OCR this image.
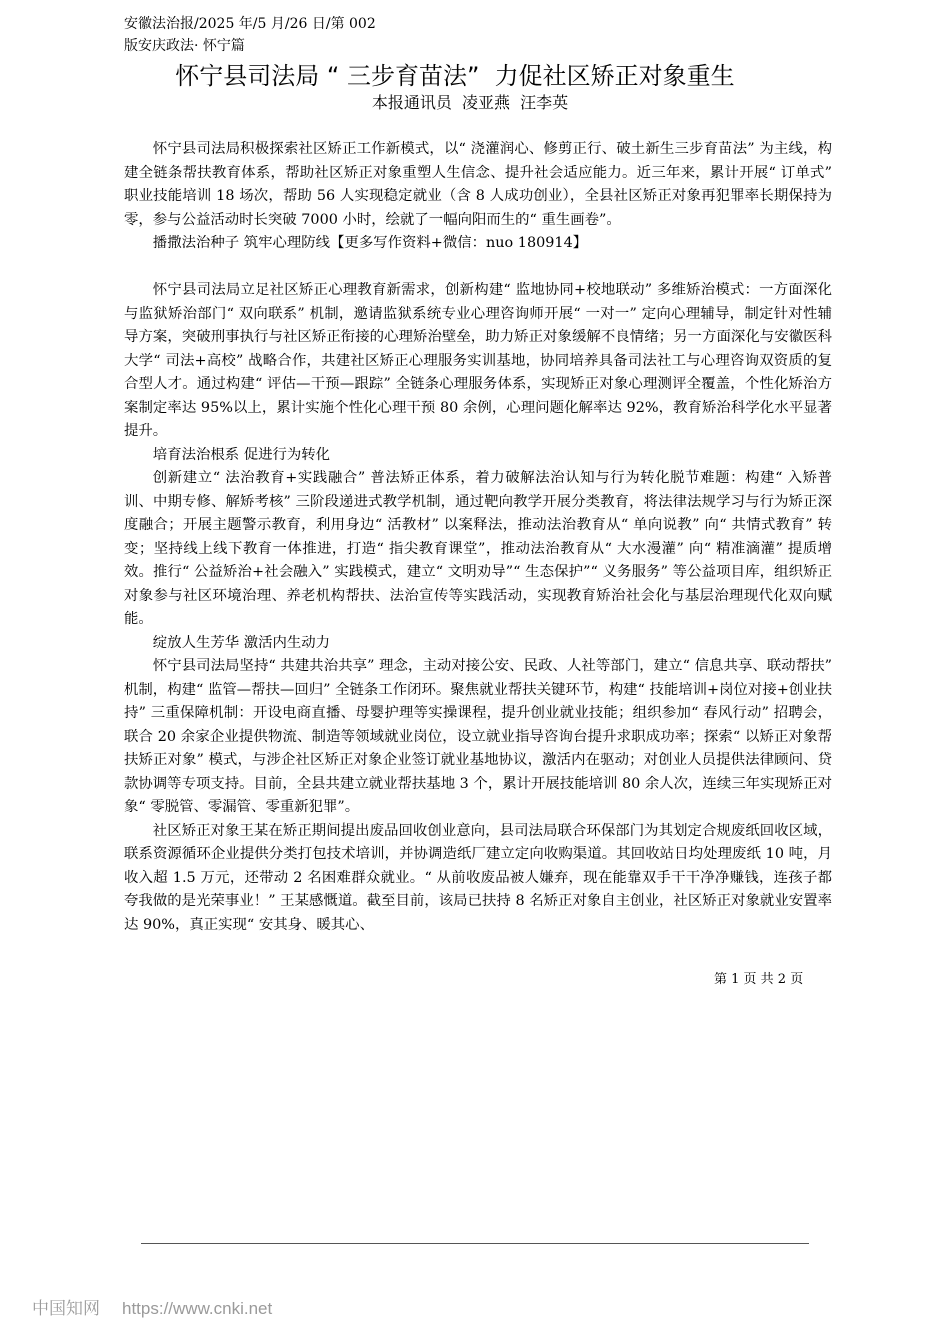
安徽法治报/2025 年/5 月/26 日/第 002
版安庆政法· 怀宁篇
怀宁县司法局 “ 三步育苗法”  力促社区矫正对象重生
本报通讯员  凌亚燕  汪李英

怀宁县司法局积极探索社区矫正工作新模式，以“ 浇灌润心、修剪正行、破土新生三步育苗法” 为主线，构建全链条帮扶教育体系，帮助社区矫正对象重塑人生信念、提升社会适应能力。近三年来，累计开展“ 订单式” 职业技能培训 18 场次，帮助 56 人实现稳定就业（含 8 人成功创业），全县社区矫正对象再犯罪率长期保持为零，参与公益活动时长突破 7000 小时，绘就了一幅向阳而生的“ 重生画卷”。

播撒法治种子 筑牢心理防线【更多写作资料+微信：nuo 180914】

怀宁县司法局立足社区矫正心理教育新需求，创新构建“ 监地协同+校地联动” 多维矫治模式：一方面深化与监狱矫治部门“ 双向联系” 机制，邀请监狱系统专业心理咨询师开展“ 一对一” 定向心理辅导，制定针对性辅导方案，突破刑事执行与社区矫正衔接的心理矫治壁垒，助力矫正对象缓解不良情绪；另一方面深化与安徽医科大学“ 司法+高校” 战略合作，共建社区矫正心理服务实训基地，协同培养具备司法社工与心理咨询双资质的复合型人才。通过构建“ 评估—干预—跟踪” 全链条心理服务体系，实现矫正对象心理测评全覆盖，个性化矫治方案制定率达 95%以上，累计实施个性化心理干预 80 余例，心理问题化解率达 92%，教育矫治科学化水平显著提升。

培育法治根系 促进行为转化

创新建立“ 法治教育+实践融合” 普法矫正体系，着力破解法治认知与行为转化脱节难题：构建“ 入矫普训、中期专修、解矫考核” 三阶段递进式教学机制，通过靶向教学开展分类教育，将法律法规学习与行为矫正深度融合；开展主题警示教育，利用身边“ 活教材” 以案释法，推动法治教育从“ 单向说教” 向“ 共情式教育” 转变；坚持线上线下教育一体推进，打造“ 指尖教育课堂”，推动法治教育从“ 大水漫灌” 向“ 精准滴灌” 提质增效。推行“ 公益矫治+社会融入” 实践模式，建立“ 文明劝导”“ 生态保护”“ 义务服务” 等公益项目库，组织矫正对象参与社区环境治理、养老机构帮扶、法治宣传等实践活动，实现教育矫治社会化与基层治理现代化双向赋能。

绽放人生芳华 激活内生动力

怀宁县司法局坚持“ 共建共治共享” 理念，主动对接公安、民政、人社等部门，建立“ 信息共享、联动帮扶” 机制，构建“ 监管—帮扶—回归” 全链条工作闭环。聚焦就业帮扶关键环节，构建“ 技能培训+岗位对接+创业扶持” 三重保障机制：开设电商直播、母婴护理等实操课程，提升创业就业技能；组织参加“ 春风行动” 招聘会，联合 20 余家企业提供物流、制造等领域就业岗位，设立就业指导咨询台提升求职成功率；探索“ 以矫正对象帮扶矫正对象” 模式，与涉企社区矫正对象企业签订就业基地协议，激活内在驱动；对创业人员提供法律顾问、贷款协调等专项支持。目前，全县共建立就业帮扶基地 3 个，累计开展技能培训 80 余人次，连续三年实现矫正对象“ 零脱管、零漏管、零重新犯罪”。

社区矫正对象王某在矫正期间提出废品回收创业意向，县司法局联合环保部门为其划定合规废纸回收区域，联系资源循环企业提供分类打包技术培训，并协调造纸厂建立定向收购渠道。其回收站日均处理废纸 10 吨，月收入超 1.5 万元，还带动 2 名困难群众就业。“ 从前收废品被人嫌弃，现在能靠双手干干净净赚钱，连孩子都夸我做的是光荣事业！” 王某感慨道。截至目前，该局已扶持 8 名矫正对象自主创业，社区矫正对象就业安置率达 90%，真正实现“ 安其身、暖其心、

第 1 页 共 2 页
中国知网 https://www.cnki.net
